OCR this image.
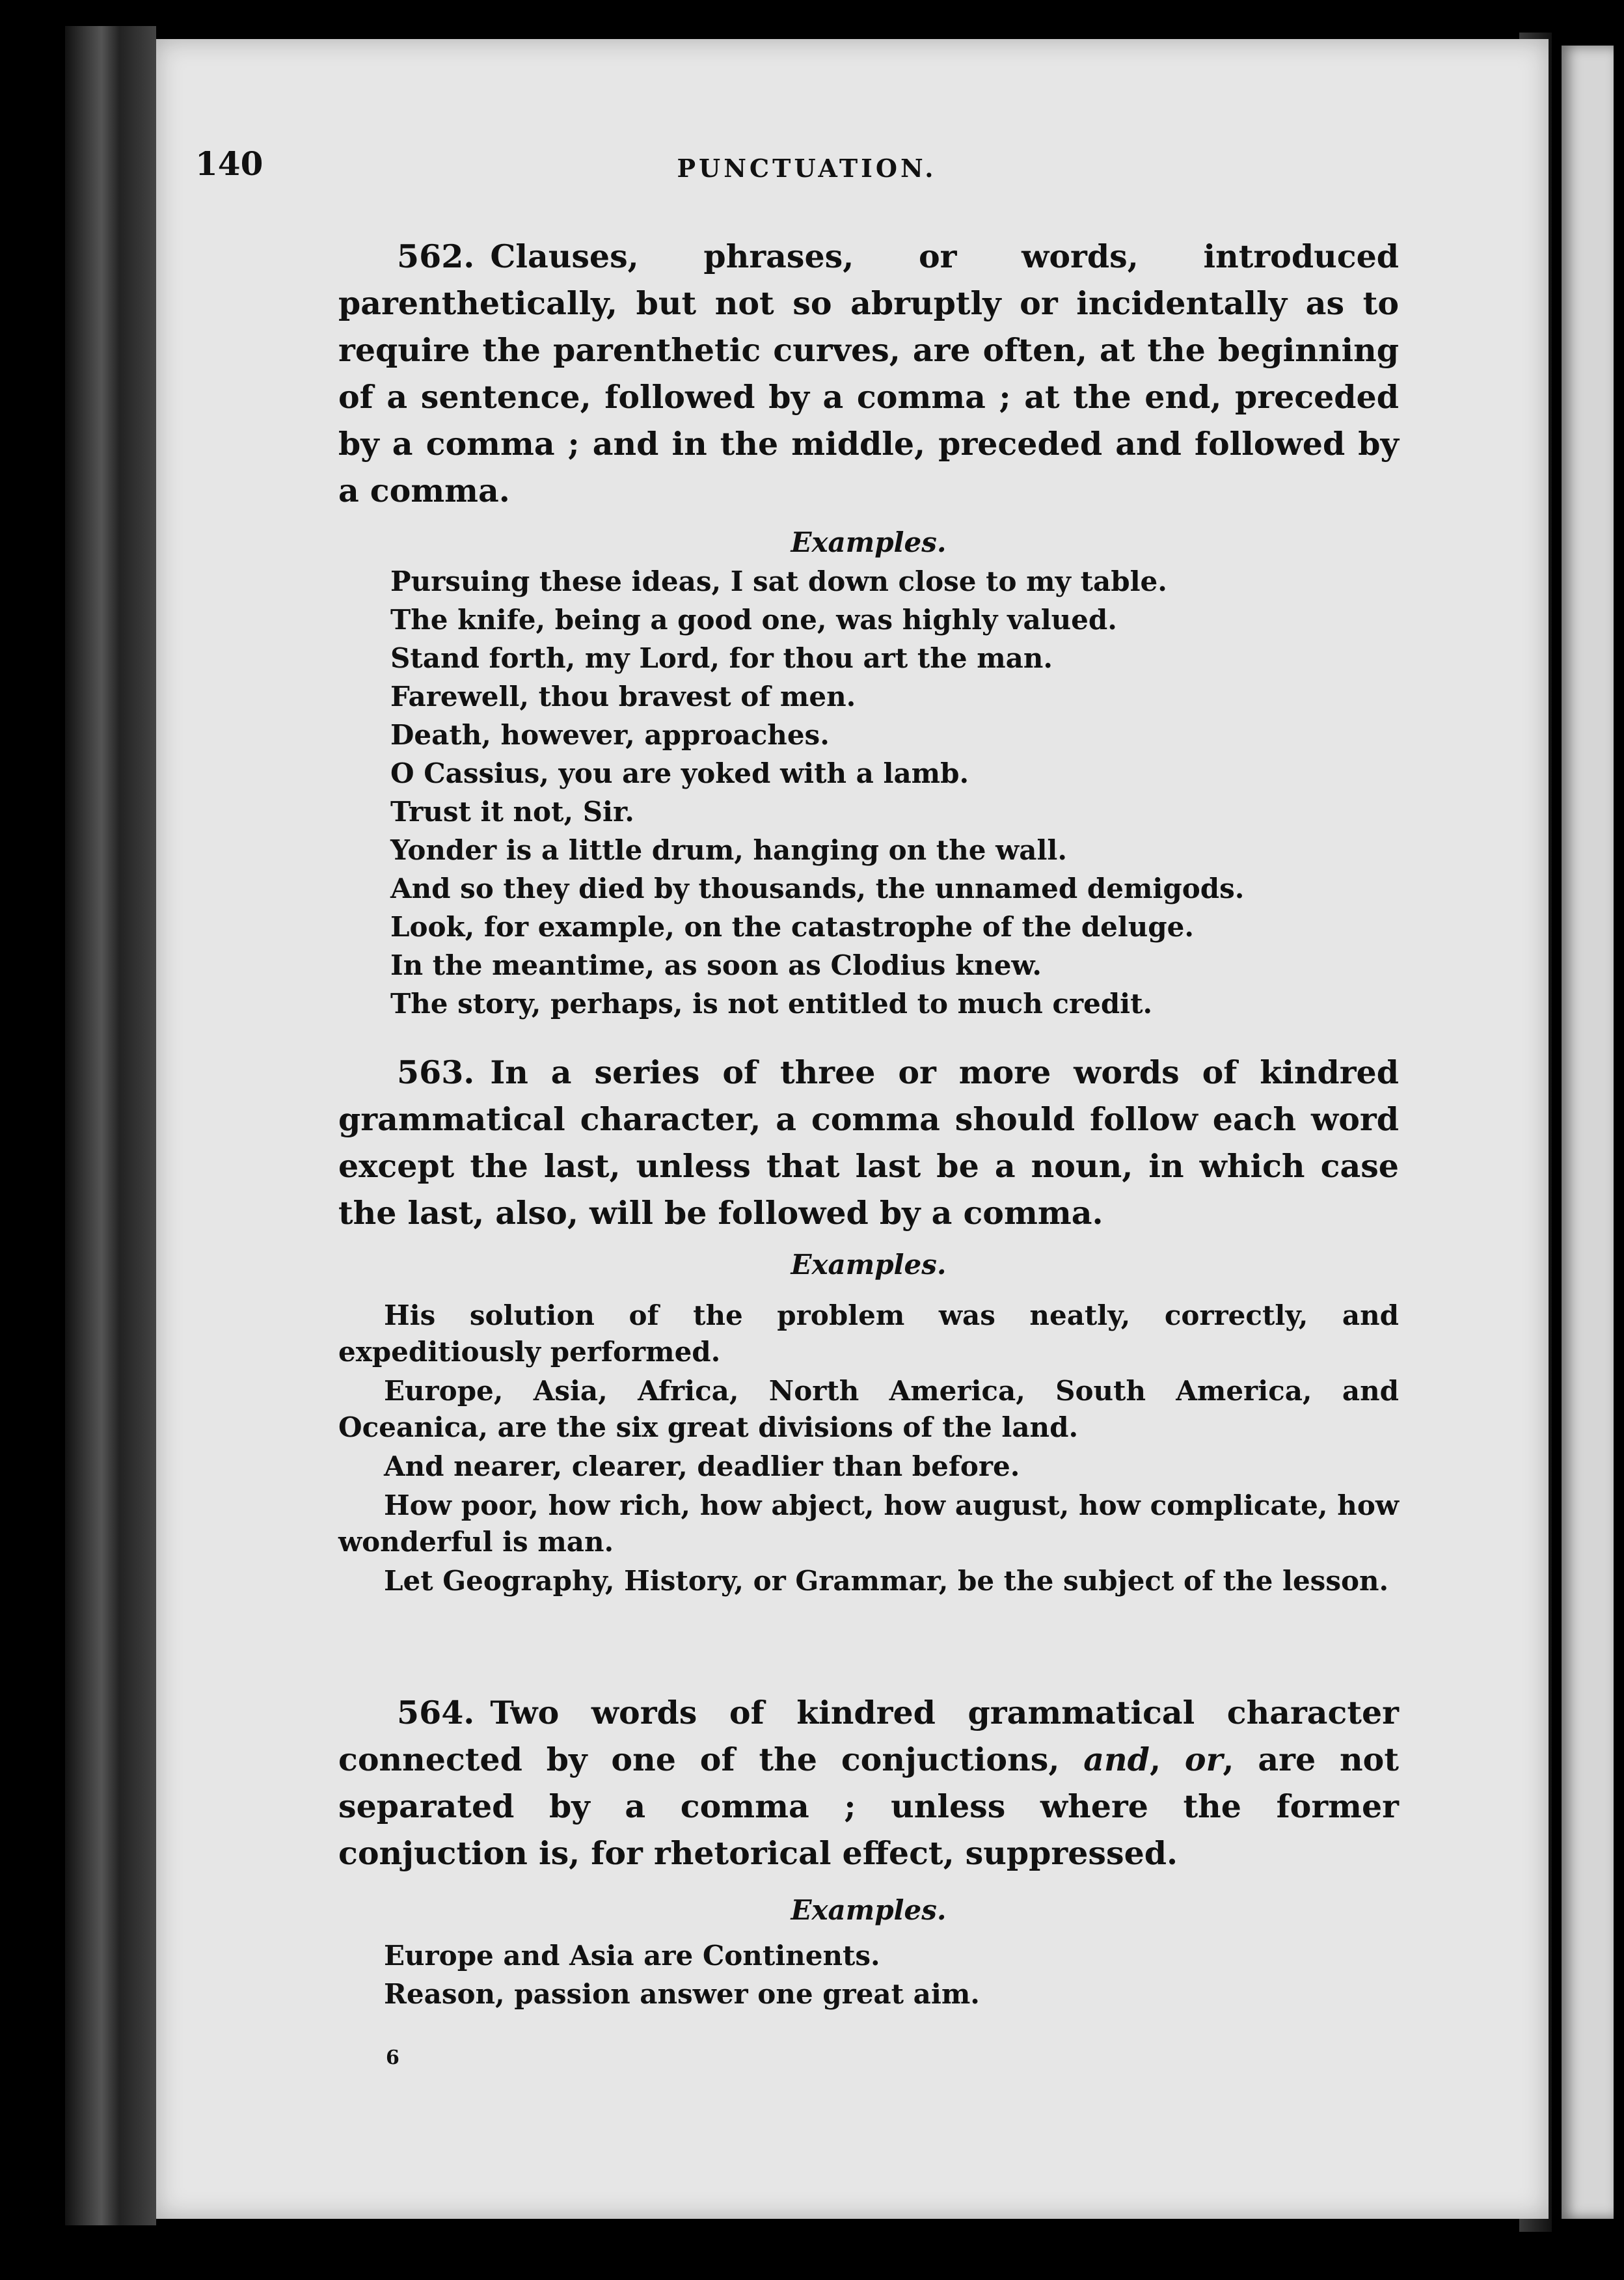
140	PUNCTUATION.
562. Clauses, phrases, or words, introduced parenthetically, but not so abruptly or incidentally as to require the parenthetic curves, are often, at the beginning of a sentence, followed by a comma ; at the end, preceded by a comma ; and in the middle, preceded and followed by a comma.
Examples.
Pursuing these ideas, I sat down close to my table.
The knife, being a good one, was highly valued.
Stand forth, my Lord, for thou art the man.
Farewell, thou bravest of men.
Death, however, approaches.
O Cassius, you are yoked with a lamb.
Trust it not, Sir.
Yonder is a little drum, hanging on the wall.
And so they died by thousands, the unnamed demigods.
Look, for example, on the catastrophe of the deluge.
In the meantime, as soon as Clodius knew.
The story, perhaps, is not entitled to much credit.
563. In a series of three or more words of kindred grammatical character, a comma should follow each word except the last, unless that last be a noun, in which case the last, also, will be followed by a comma.
Examples.
His solution of the problem was neatly, correctly, and expeditiously performed.
Europe, Asia, Africa, North America, South America, and Oceanica, are the six great divisions of the land.
And nearer, clearer, deadlier than before.
How poor, how rich, how abject, how august, how complicate, how wonderful is man.
Let Geography, History, or Grammar, be the subject of the lesson.
564. Two words of kindred grammatical character connected by one of the conjuctions, and, or, are not separated by a comma ; unless where the former conjuction is, for rhetorical effect, suppressed.
Examples.
Europe and Asia are Continents.
Reason, passion answer one great aim.
6
